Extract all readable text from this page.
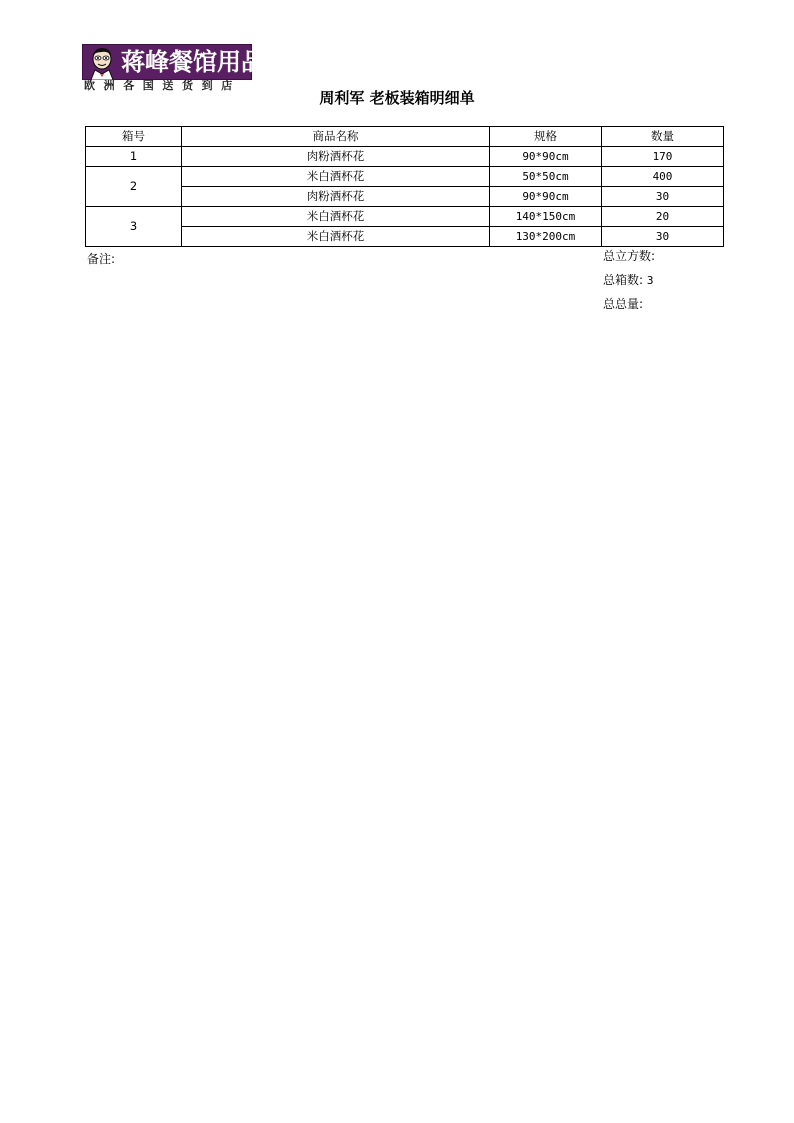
蒋峰餐馆用品
欧洲各国送货到店
周利军 老板装箱明细单
箱号	商品名称	规格	数量
1	肉粉酒杯花	90*90cm	170
2	米白酒杯花	50*50cm	400
	肉粉酒杯花	90*90cm	30
3	米白酒杯花	140*150cm	20
	米白酒杯花	130*200cm	30
备注:	总立方数:
总箱数: 3
总总量:
